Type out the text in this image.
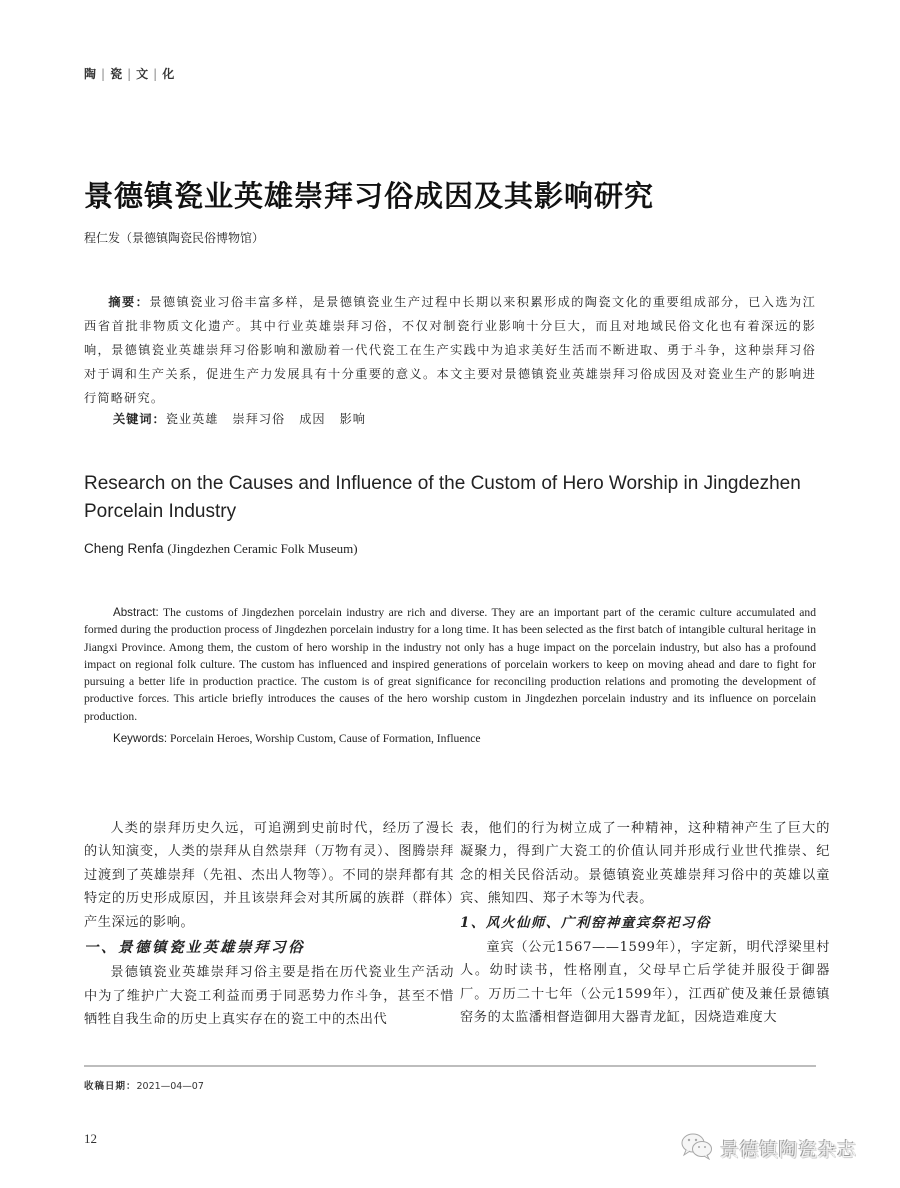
陶 | 瓷 | 文 | 化
景德镇瓷业英雄崇拜习俗成因及其影响研究
程仁发（景德镇陶瓷民俗博物馆）
摘要：景德镇瓷业习俗丰富多样，是景德镇瓷业生产过程中长期以来积累形成的陶瓷文化的重要组成部分，已入选为江西省首批非物质文化遗产。其中行业英雄崇拜习俗，不仅对制瓷行业影响十分巨大，而且对地域民俗文化也有着深远的影响，景德镇瓷业英雄崇拜习俗影响和激励着一代代瓷工在生产实践中为追求美好生活而不断进取、勇于斗争，这种崇拜习俗对于调和生产关系，促进生产力发展具有十分重要的意义。本文主要对景德镇瓷业英雄崇拜习俗成因及对瓷业生产的影响进行简略研究。
关键词：瓷业英雄 崇拜习俗 成因 影响
Research on the Causes and Influence of the Custom of Hero Worship in Jingdezhen Porcelain Industry
Cheng Renfa (Jingdezhen Ceramic Folk Museum)
Abstract: The customs of Jingdezhen porcelain industry are rich and diverse. They are an important part of the ceramic culture accumulated and formed during the production process of Jingdezhen porcelain industry for a long time. It has been selected as the first batch of intangible cultural heritage in Jiangxi Province. Among them, the custom of hero worship in the industry not only has a huge impact on the porcelain industry, but also has a profound impact on regional folk culture. The custom has influenced and inspired generations of porcelain workers to keep on moving ahead and dare to fight for pursuing a better life in production practice. The custom is of great significance for reconciling production relations and promoting the development of productive forces. This article briefly introduces the causes of the hero worship custom in Jingdezhen porcelain industry and its influence on porcelain production.
Keywords: Porcelain Heroes, Worship Custom, Cause of Formation, Influence

人类的崇拜历史久远，可追溯到史前时代，经历了漫长的认知演变，人类的崇拜从自然崇拜（万物有灵）、图腾崇拜过渡到了英雄崇拜（先祖、杰出人物等）。不同的崇拜都有其特定的历史形成原因，并且该崇拜会对其所属的族群（群体）产生深远的影响。

一、景德镇瓷业英雄崇拜习俗

景德镇瓷业英雄崇拜习俗主要是指在历代瓷业生产活动中为了维护广大瓷工利益而勇于同恶势力作斗争，甚至不惜牺牲自我生命的历史上真实存在的瓷工中的杰出代

表，他们的行为树立成了一种精神，这种精神产生了巨大的凝聚力，得到广大瓷工的价值认同并形成行业世代推崇、纪念的相关民俗活动。景德镇瓷业英雄崇拜习俗中的英雄以童宾、熊知四、郑子木等为代表。

1、风火仙师、广利窑神童宾祭祀习俗

童宾（公元1567——1599年），字定新，明代浮梁里村人。幼时读书，性格刚直，父母早亡后学徒并服役于御器厂。万历二十七年（公元1599年），江西矿使及兼任景德镇窑务的太监潘相督造御用大器青龙缸，因烧造难度大

收稿日期：2021—04—07
12	景德镇陶瓷杂志
